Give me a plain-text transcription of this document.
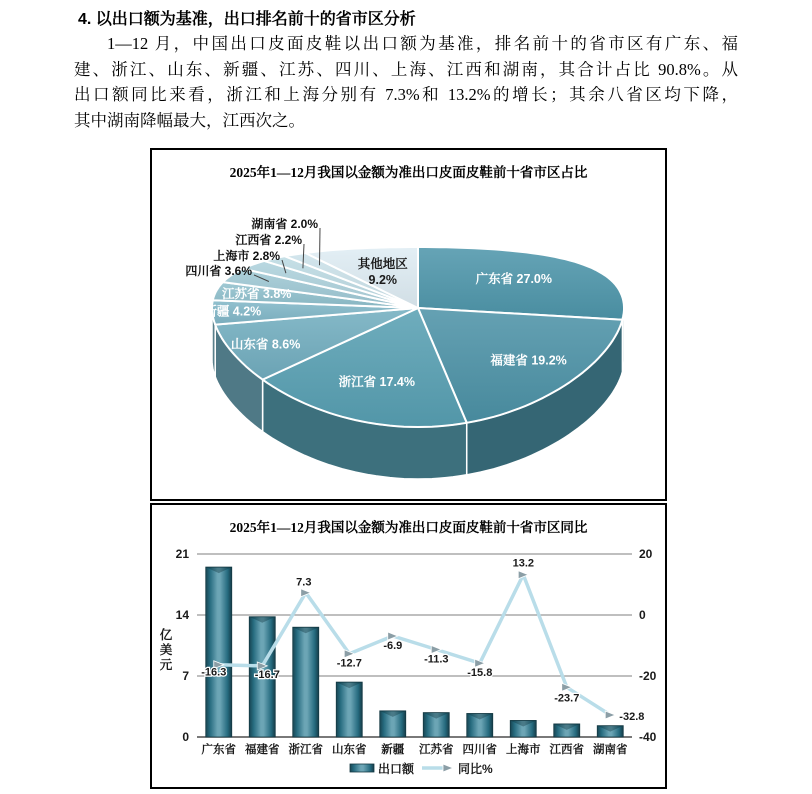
4. 以出口额为基准，出口排名前十的省市区分析
1—12 月，中国出口皮面皮鞋以出口额为基准，排名前十的省市区有广东、福
建、浙江、山东、新疆、江苏、四川、上海、江西和湖南，其合计占比 90.8%。从
出口额同比来看，浙江和上海分别有 7.3%和 13.2%的增长；其余八省区均下降，
其中湖南降幅最大，江西次之。
2025年1—12月我国以金额为准出口皮面皮鞋前十省市区占比
四川省 3.6%
上海市 2.8%
江西省 2.2%
湖南省 2.0%
广东省 27.0%
福建省 19.2%
浙江省 17.4%
山东省 8.6%
新疆 4.2%
江苏省 3.8%
其他地区
9.2%
2025年1—12月我国以金额为准出口皮面皮鞋前十省市区同比
21	20
14	0
7	-20
0	-40
-16.3	-16.7
7.3
-12.7
-6.9
-11.3
-15.8
13.2
-23.7
-32.8
广东省 福建省 浙江省 山东省 新疆 江苏省 四川省 上海市 江西省 湖南省
亿
美
元
出口额	同比%
